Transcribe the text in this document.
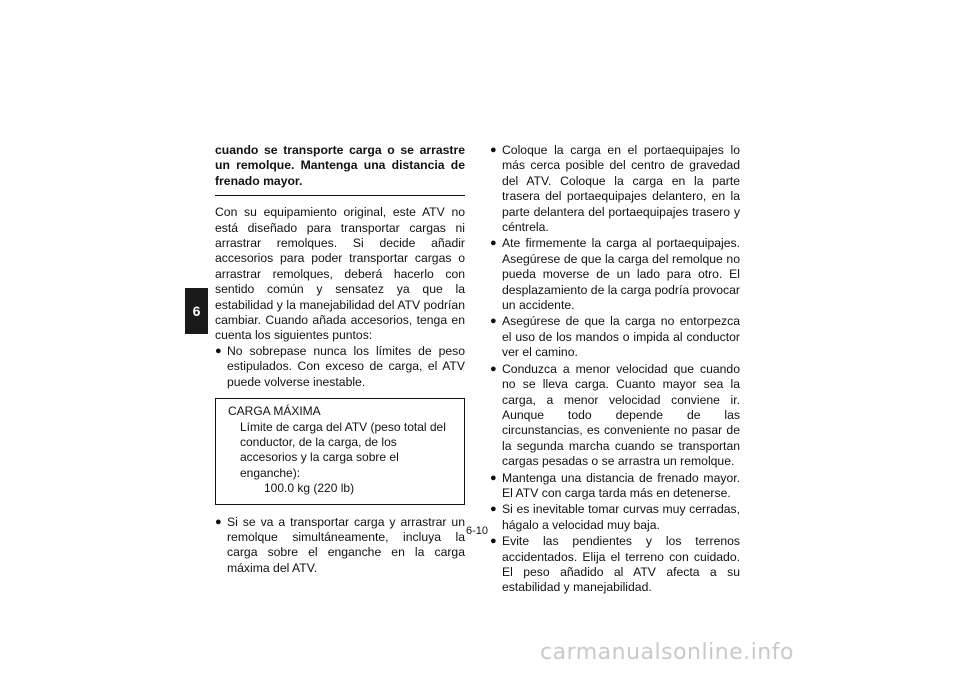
6
cuando se transporte carga o se arrastre un remolque. Mantenga una distancia de frenado mayor.

Con su equipamiento original, este ATV no está diseñado para transportar cargas ni arrastrar remolques. Si decide añadir accesorios para poder transportar cargas o arrastrar remolques, deberá hacerlo con sentido común y sensatez ya que la estabilidad y la manejabilidad del ATV podrían cambiar. Cuando añada accesorios, tenga en cuenta los siguientes puntos:

● No sobrepase nunca los límites de peso estipulados. Con exceso de carga, el ATV puede volverse inestable.
CARGA MÁXIMA
Límite de carga del ATV (peso total del conductor, de la carga, de los accesorios y la carga sobre el enganche):
100.0 kg (220 lb)
● Si se va a transportar carga y arrastrar un remolque simultáneamente, incluya la carga sobre el enganche en la carga máxima del ATV.
● Coloque la carga en el portaequipajes lo más cerca posible del centro de gravedad del ATV. Coloque la carga en la parte trasera del portaequipajes delantero, en la parte delantera del portaequipajes trasero y céntrela.
● Ate firmemente la carga al portaequipajes. Asegúrese de que la carga del remolque no pueda moverse de un lado para otro. El desplazamiento de la carga podría provocar un accidente.
● Asegúrese de que la carga no entorpezca el uso de los mandos o impida al conductor ver el camino.
● Conduzca a menor velocidad que cuando no se lleva carga. Cuanto mayor sea la carga, a menor velocidad conviene ir. Aunque todo depende de las circunstancias, es conveniente no pasar de la segunda marcha cuando se transportan cargas pesadas o se arrastra un remolque.
● Mantenga una distancia de frenado mayor. El ATV con carga tarda más en detenerse.
● Si es inevitable tomar curvas muy cerradas, hágalo a velocidad muy baja.
● Evite las pendientes y los terrenos accidentados. Elija el terreno con cuidado. El peso añadido al ATV afecta a su estabilidad y manejabilidad.
6-10
carmanualsonline.info
